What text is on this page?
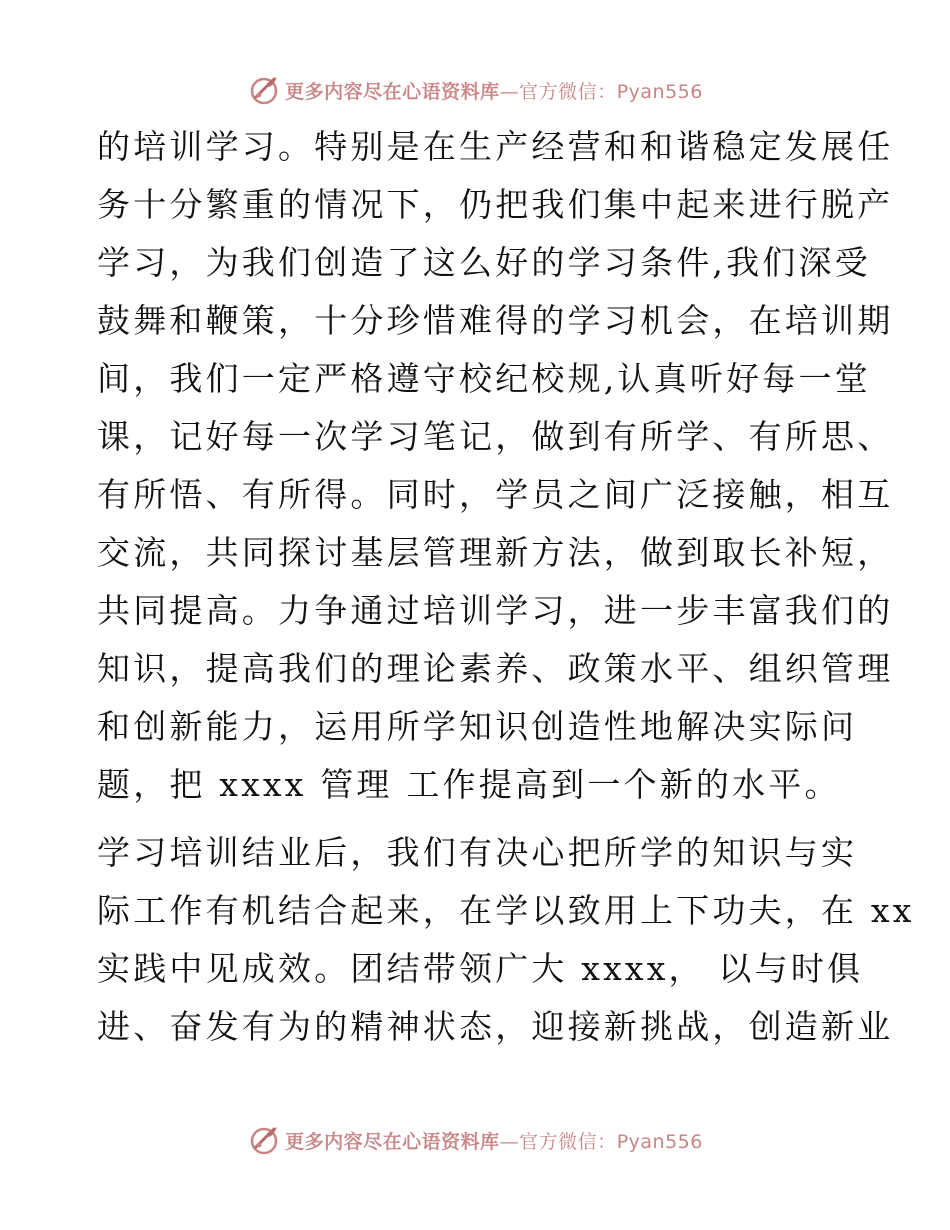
更多内容尽在心语资料库—官方微信：Pyan556
的培训学习。特别是在生产经营和和谐稳定发展任
务十分繁重的情况下，仍把我们集中起来进行脱产
学习，为我们创造了这么好的学习条件,我们深受
鼓舞和鞭策，十分珍惜难得的学习机会，在培训期
间，我们一定严格遵守校纪校规,认真听好每一堂
课，记好每一次学习笔记，做到有所学、有所思、
有所悟、有所得。同时，学员之间广泛接触，相互
交流，共同探讨基层管理新方法，做到取长补短，
共同提高。力争通过培训学习，进一步丰富我们的
知识，提高我们的理论素养、政策水平、组织管理
和创新能力，运用所学知识创造性地解决实际问
题，把 xxxx 管理 工作提高到一个新的水平。
学习培训结业后，我们有决心把所学的知识与实
际工作有机结合起来，在学以致用上下功夫，在 xx
实践中见成效。团结带领广大 xxxx， 以与时俱
进、奋发有为的精神状态，迎接新挑战，创造新业
更多内容尽在心语资料库—官方微信：Pyan556
